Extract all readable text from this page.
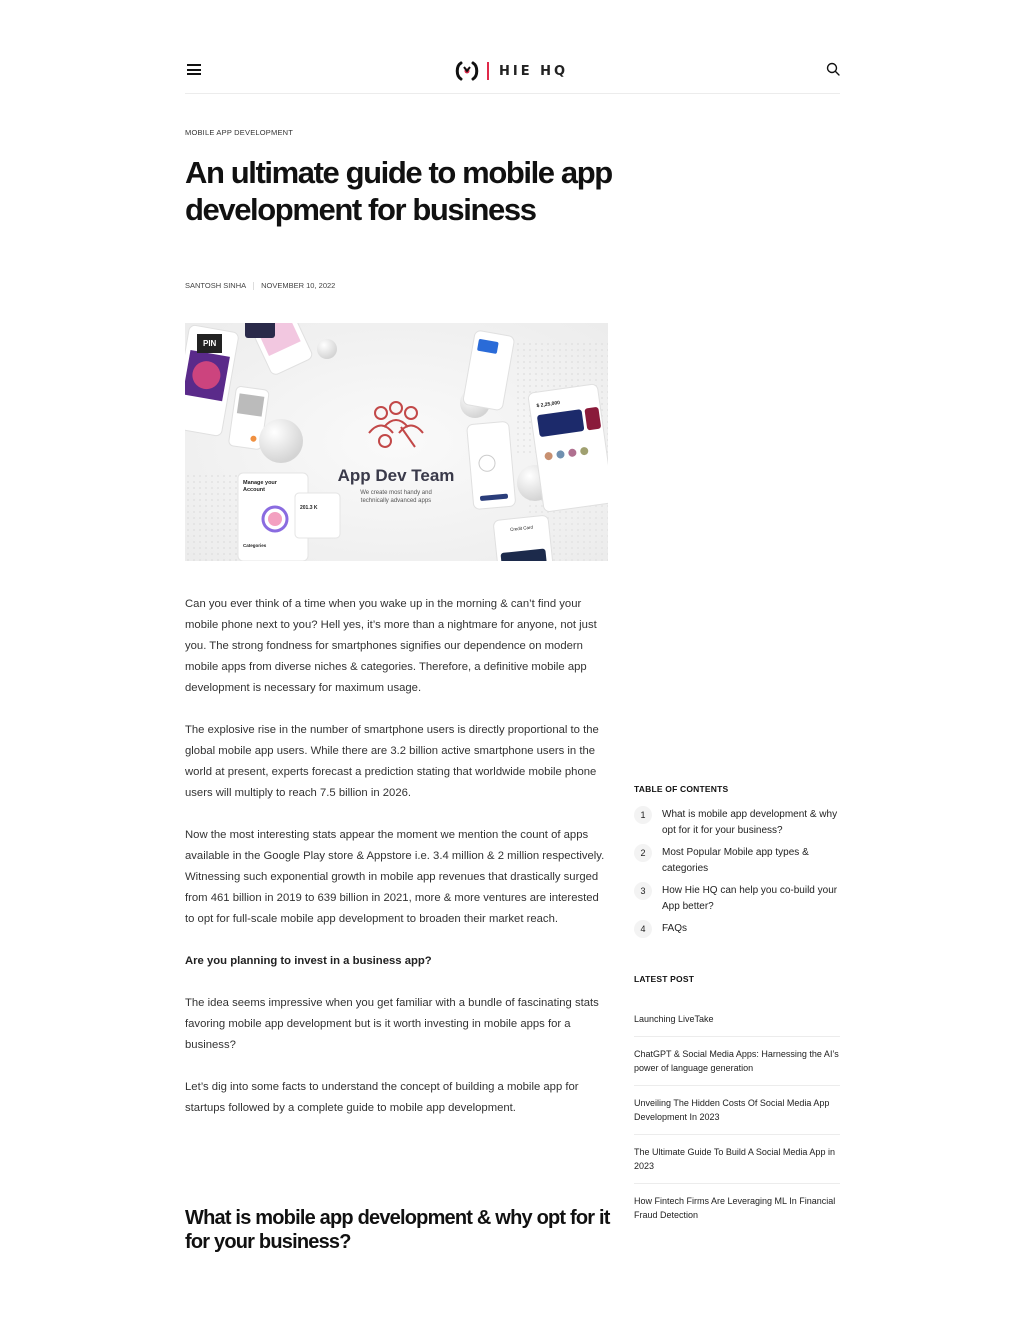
HIE HQ
MOBILE APP DEVELOPMENT
An ultimate guide to mobile app development for business
SANTOSH SINHA NOVEMBER 10, 2022
App Dev Team
We create most handy and
technically advanced apps
Manage your
Account
Categories
201.3 K
$ 2,25,000
Credit Card
PIN

Can you ever think of a time when you wake up in the morning & can’t find your mobile phone next to you? Hell yes, it’s more than a nightmare for anyone, not just you. The strong fondness for smartphones signifies our dependence on modern mobile apps from diverse niches & categories. Therefore, a definitive mobile app development is necessary for maximum usage.

The explosive rise in the number of smartphone users is directly proportional to the global mobile app users. While there are 3.2 billion active smartphone users in the world at present, experts forecast a prediction stating that worldwide mobile phone users will multiply to reach 7.5 billion in 2026.

Now the most interesting stats appear the moment we mention the count of apps available in the Google Play store & Appstore i.e. 3.4 million & 2 million respectively. Witnessing such exponential growth in mobile app revenues that drastically surged from 461 billion in 2019 to 639 billion in 2021, more & more ventures are interested to opt for full-scale mobile app development to broaden their market reach.

Are you planning to invest in a business app?

The idea seems impressive when you get familiar with a bundle of fascinating stats favoring mobile app development but is it worth investing in mobile apps for a business?

Let’s dig into some facts to understand the concept of building a mobile app for startups followed by a complete guide to mobile app development.

What is mobile app development & why opt for it for your business?
TABLE OF CONTENTS
1	What is mobile app development & why opt for it for your business?
2	Most Popular Mobile app types & categories
3	How Hie HQ can help you co-build your App better?
4	FAQs
LATEST POST
Launching LiveTake
ChatGPT & Social Media Apps: Harnessing the AI’s power of language generation
Unveiling The Hidden Costs Of Social Media App Development In 2023
The Ultimate Guide To Build A Social Media App in 2023
How Fintech Firms Are Leveraging ML In Financial Fraud Detection
